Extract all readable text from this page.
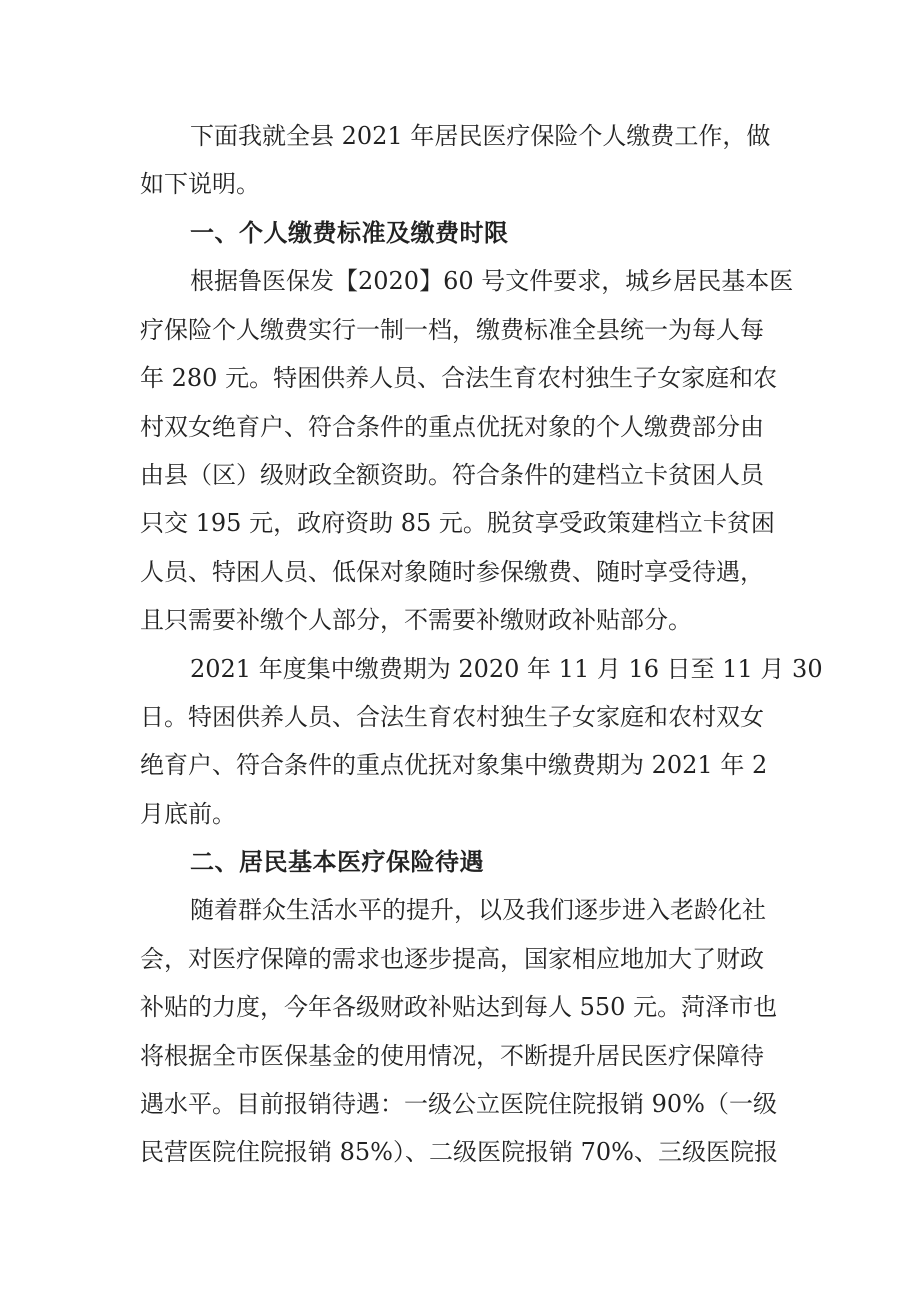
下面我就全县 2021 年居民医疗保险个人缴费工作，做
如下说明。
一、个人缴费标准及缴费时限
根据鲁医保发【2020】60 号文件要求，城乡居民基本医
疗保险个人缴费实行一制一档，缴费标准全县统一为每人每
年 280 元。特困供养人员、合法生育农村独生子女家庭和农
村双女绝育户、符合条件的重点优抚对象的个人缴费部分由
由县（区）级财政全额资助。符合条件的建档立卡贫困人员
只交 195 元，政府资助 85 元。脱贫享受政策建档立卡贫困
人员、特困人员、低保对象随时参保缴费、随时享受待遇，
且只需要补缴个人部分，不需要补缴财政补贴部分。
2021 年度集中缴费期为 2020 年 11 月 16 日至 11 月 30
日。特困供养人员、合法生育农村独生子女家庭和农村双女
绝育户、符合条件的重点优抚对象集中缴费期为 2021 年 2
月底前。
二、居民基本医疗保险待遇
随着群众生活水平的提升，以及我们逐步进入老龄化社
会，对医疗保障的需求也逐步提高，国家相应地加大了财政
补贴的力度，今年各级财政补贴达到每人 550 元。菏泽市也
将根据全市医保基金的使用情况，不断提升居民医疗保障待
遇水平。目前报销待遇：一级公立医院住院报销 90%（一级
民营医院住院报销 85%）、二级医院报销 70%、三级医院报
